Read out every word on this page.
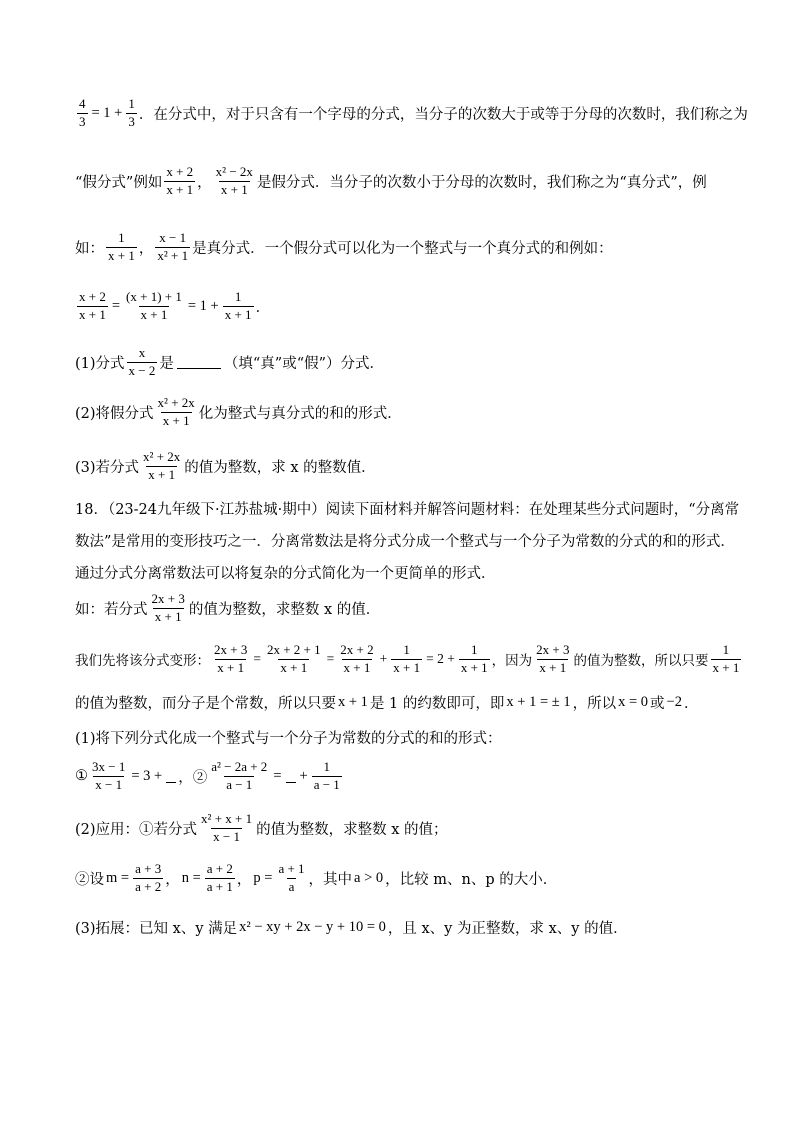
$\frac{4}{3} = 1 + \frac{1}{3}$ ．在分式中，对于只含有一个字母的分式，当分子的次数大于或等于分母的次数时，我们称之为
“假分式”例如 $\frac{x + 2}{x + 1}$ ， $\frac{\text{x² − 2x}}{x + 1}$ 是假分式．当分子的次数小于分母的次数时，我们称之为“真分式”，例
如： $\frac{1}{x + 1}$ ， $\frac{x - 1}{\text{x² + 1}}$ 是真分式．一个假分式可以化为一个整式与一个真分式的和例如：
$\frac{x + 2}{x + 1} = \frac{(x + 1) + 1}{x + 1} = 1 + \frac{1}{x + 1}$ ．
(1)分式 $\frac{x}{x - 2}$ 是	（填“真”或“假”）分式．
(2)将假分式 $\frac{\text{x² + 2x}}{x + 1}$ 化为整式与真分式的和的形式．
(3)若分式 $\frac{\text{x² + 2x}}{x + 1}$ 的值为整数，求 x 的整数值．
18．（23-24九年级下·江苏盐城·期中）阅读下面材料并解答问题材料：在处理某些分式问题时，“分离常
数法”是常用的变形技巧之一．分离常数法是将分式分成一个整式与一个分子为常数的分式的和的形式．
通过分式分离常数法可以将复杂的分式简化为一个更简单的形式．
如：若分式 $\frac{2x + 3}{x + 1}$ 的值为整数，求整数 x 的值．
我们先将该分式变形： $\frac{2x + 3}{x + 1} = \frac{2x + 2 + 1}{x + 1} = \frac{2x + 2}{x + 1} + \frac{1}{x + 1} = 2 + \frac{1}{x + 1}$ ，因为 $\frac{2x + 3}{x + 1}$ 的值为整数，所以只要 $\frac{1}{x + 1}$
的值为整数，而分子是个常数，所以只要 x + 1 是 1 的约数即可，即 x + 1 = ± 1 ，所以 x = 0 或 −2 ．
(1)将下列分式化成一个整式与一个分子为常数的分式的和的形式：
① $\frac{3x - 1}{x - 1} = 3$ + ，② $\frac{\text{a² − 2a + 2}}{a - 1}$ = + $\frac{1}{a - 1}$
(2)应用：①若分式 $\frac{\text{x² + x + 1}}{x - 1}$ 的值为整数，求整数 x 的值；
②设 $m = \frac{a + 3}{a + 2}$ ， $n = \frac{a + 2}{a + 1}$ ， $p = \frac{a + 1}{a}$ ，其中 a > 0 ，比较 m、n、p 的大小．
(3)拓展：已知 x、y 满足 x² − xy + 2x − y + 10 = 0 ，且 x、y 为正整数，求 x、y 的值．
